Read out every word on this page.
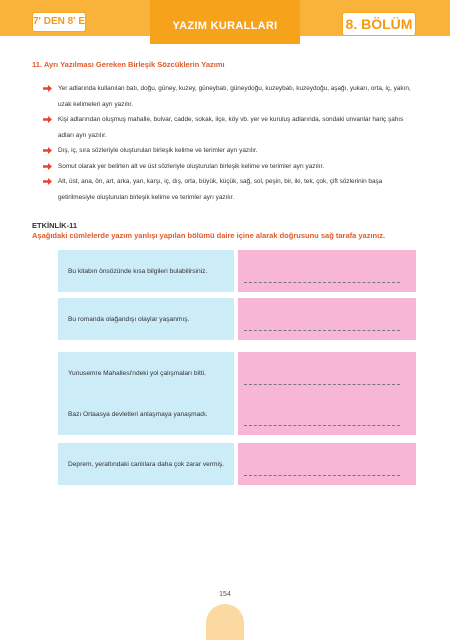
YAZIM KURALLARI
7' DEN 8' E	8. BÖLÜM
11. Ayrı Yazılması Gereken Birleşik Sözcüklerin Yazımı
Yer adlarında kullanılan batı, doğu, güney, kuzey, güneybatı, güneydoğu, kuzeybatı, kuzeydoğu, aşağı, yukarı, orta, iç, yakın, uzak kelimeleri ayrı yazılır.
Kişi adlarından oluşmuş mahalle, bulvar, cadde, sokak, ilçe, köy vb. yer ve kuruluş adlarında, sondaki unvanlar hariç şahıs adları ayrı yazılır.
Dış, iç, sıra sözleriyle oluşturulan birleşik kelime ve terimler ayrı yazılır.
Somut olarak yer belirten alt ve üst sözleriyle oluşturulan birleşik kelime ve terimler ayrı yazılır.
Alt, üst, ana, ön, art, arka, yan, karşı, iç, dış, orta, büyük, küçük, sağ, sol, peşin, bir, iki, tek, çok, çift sözlerinin başa getirilmesiyle oluşturulan birleşik kelime ve terimler ayrı yazılır.
ETKİNLİK-11
Aşağıdaki cümlelerde yazım yanlışı yapılan bölümü daire içine alarak doğrusunu sağ tarafa yazınız.
Bu kitabın önsözünde kısa bilgileri bulabilirsiniz.
Bu romanda olağandışı olaylar yaşanmış.
Yunusemre Mahallesi'ndeki yol çalışmaları bitti.
Bazı Ortaasya devletleri anlaşmaya yanaşmadı.
Deprem, yeraltındaki canlılara daha çok zarar vermiş.
154
